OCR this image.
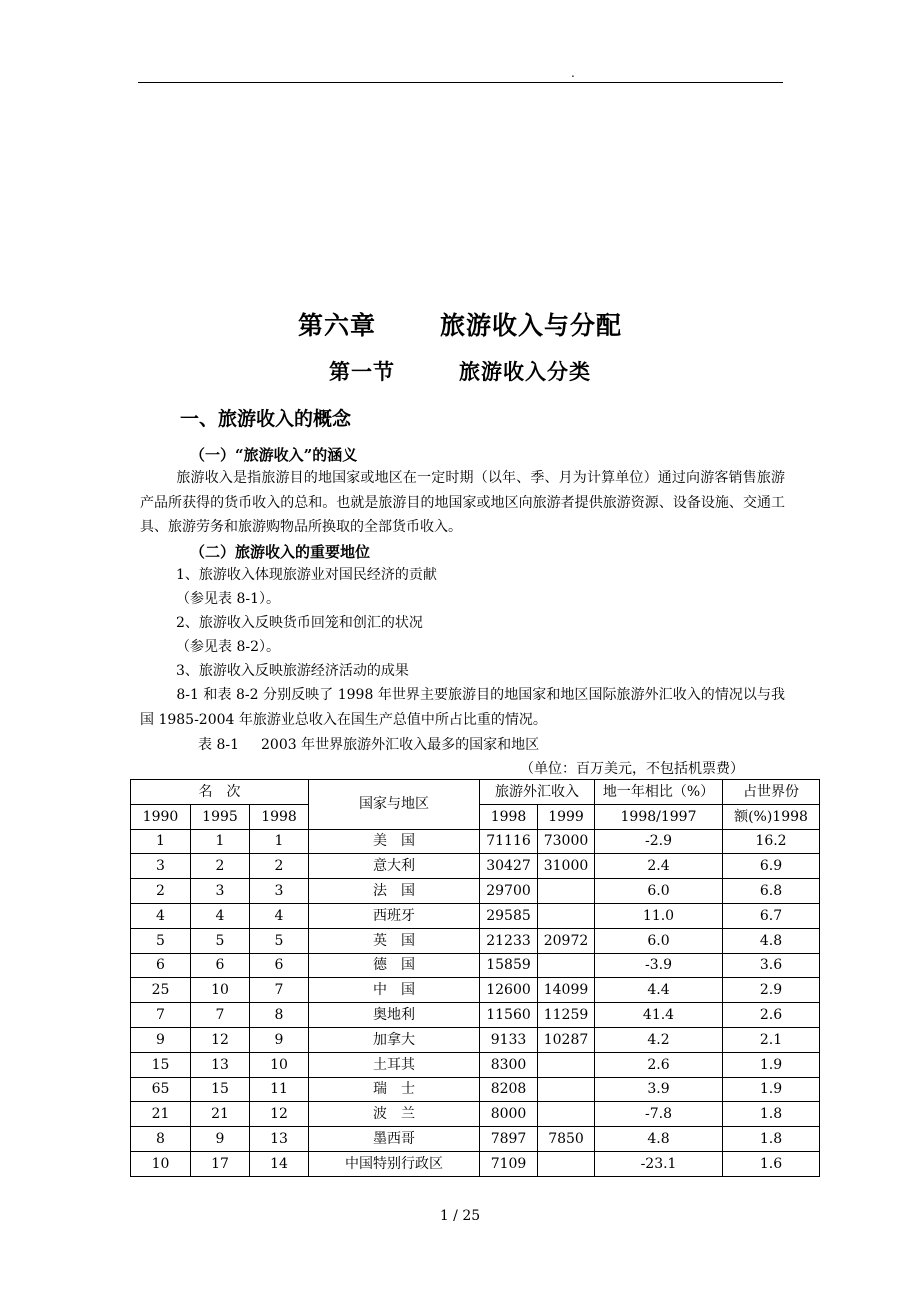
.
第六章	旅游收入与分配
第一节	旅游收入分类
一、旅游收入的概念
（一）“旅游收入”的涵义

旅游收入是指旅游目的地国家或地区在一定时期（以年、季、月为计算单位）通过向游客销售旅游产品所获得的货币收入的总和。也就是旅游目的地国家或地区向旅游者提供旅游资源、设备设施、交通工具、旅游劳务和旅游购物品所换取的全部货币收入。

（二）旅游收入的重要地位
1、旅游收入体现旅游业对国民经济的贡献
（参见表 8-1）。
2、旅游收入反映货币回笼和创汇的状况
（参见表 8-2）。
3、旅游收入反映旅游经济活动的成果

8-1 和表 8-2 分别反映了 1998 年世界主要旅游目的地国家和地区国际旅游外汇收入的情况以与我国 1985-2004 年旅游业总收入在国生产总值中所占比重的情况。

表 8-1 2003 年世界旅游外汇收入最多的国家和地区
（单位：百万美元，不包括机票费）
名　次			国家与地区	旅游外汇收入		地一年相比（%）	占世界份
1990	1995	1998		1998	1999	1998/1997	额(%)1998
1	1	1	美　国	71116	73000	-2.9	16.2
3	2	2	意大利	30427	31000	2.4	6.9
2	3	3	法　国	29700		6.0	6.8
4	4	4	西班牙	29585		11.0	6.7
5	5	5	英　国	21233	20972	6.0	4.8
6	6	6	德　国	15859		-3.9	3.6
25	10	7	中　国	12600	14099	4.4	2.9
7	7	8	奥地利	11560	11259	41.4	2.6
9	12	9	加拿大	9133	10287	4.2	2.1
15	13	10	土耳其	8300		2.6	1.9
65	15	11	瑞　士	8208		3.9	1.9
21	21	12	波　兰	8000		-7.8	1.8
8	9	13	墨西哥	7897	7850	4.8	1.8
10	17	14	中国特别行政区	7109		-23.1	1.6
1 / 25
